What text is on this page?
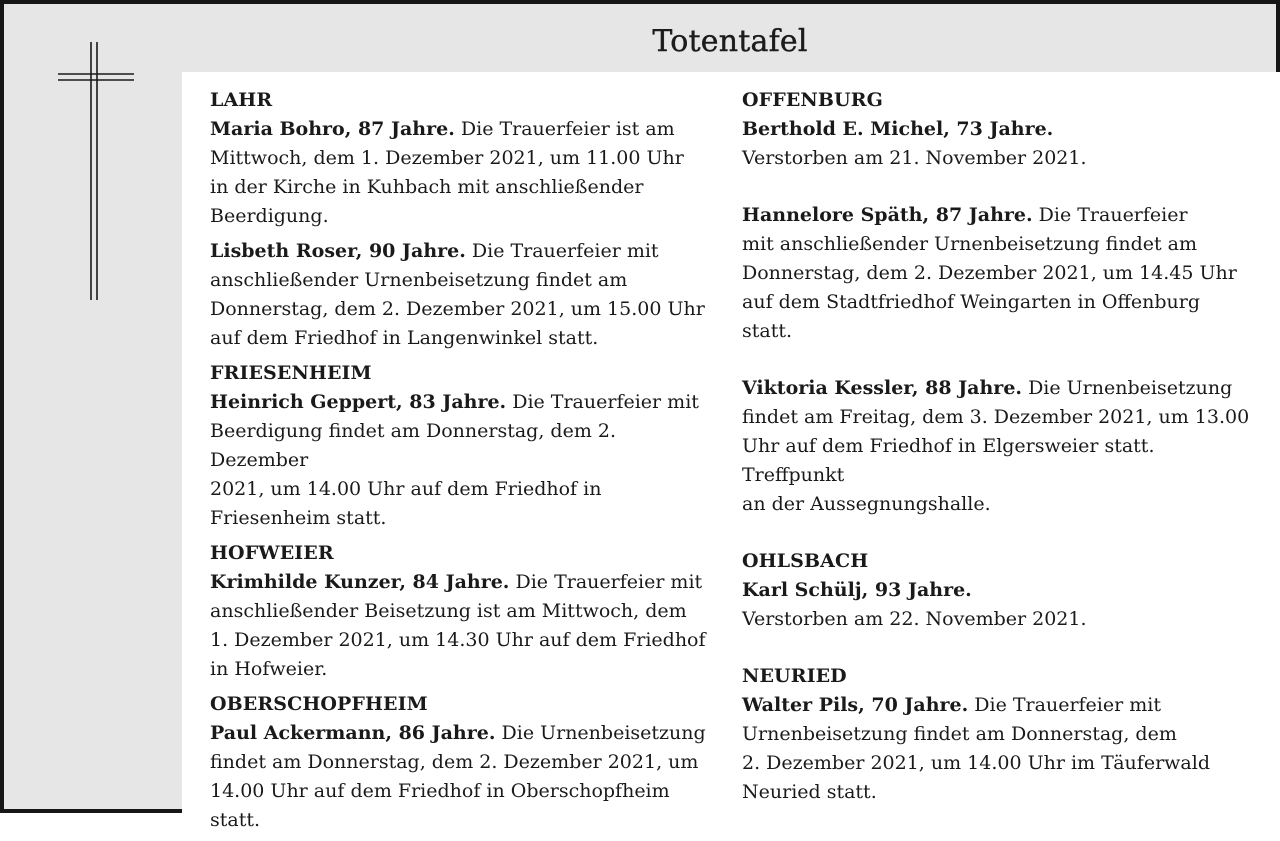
Totentafel
LAHR
Maria Bohro, 87 Jahre. Die Trauerfeier ist am
Mittwoch, dem 1. Dezember 2021, um 11.00 Uhr
in der Kirche in Kuhbach mit anschließender
Beerdigung.
Lisbeth Roser, 90 Jahre. Die Trauerfeier mit
anschließender Urnenbeisetzung findet am
Donnerstag, dem 2. Dezember 2021, um 15.00 Uhr
auf dem Friedhof in Langenwinkel statt.
FRIESENHEIM
Heinrich Geppert, 83 Jahre. Die Trauerfeier mit
Beerdigung findet am Donnerstag, dem 2. Dezember
2021, um 14.00 Uhr auf dem Friedhof in
Friesenheim statt.
HOFWEIER
Krimhilde Kunzer, 84 Jahre. Die Trauerfeier mit
anschließender Beisetzung ist am Mittwoch, dem
1. Dezember 2021, um 14.30 Uhr auf dem Friedhof
in Hofweier.
OBERSCHOPFHEIM
Paul Ackermann, 86 Jahre. Die Urnenbeisetzung
findet am Donnerstag, dem 2. Dezember 2021, um
14.00 Uhr auf dem Friedhof in Oberschopfheim statt.
OFFENBURG
Berthold E. Michel, 73 Jahre.
Verstorben am 21. November 2021.
Hannelore Späth, 87 Jahre. Die Trauerfeier
mit anschließender Urnenbeisetzung findet am
Donnerstag, dem 2. Dezember 2021, um 14.45 Uhr
auf dem Stadtfriedhof Weingarten in Offenburg
statt.
Viktoria Kessler, 88 Jahre. Die Urnenbeisetzung
findet am Freitag, dem 3. Dezember 2021, um 13.00
Uhr auf dem Friedhof in Elgersweier statt. Treffpunkt
an der Aussegnungshalle.
OHLSBACH
Karl Schülj, 93 Jahre.
Verstorben am 22. November 2021.
NEURIED
Walter Pils, 70 Jahre. Die Trauerfeier mit
Urnenbeisetzung findet am Donnerstag, dem
2. Dezember 2021, um 14.00 Uhr im Täuferwald
Neuried statt.
